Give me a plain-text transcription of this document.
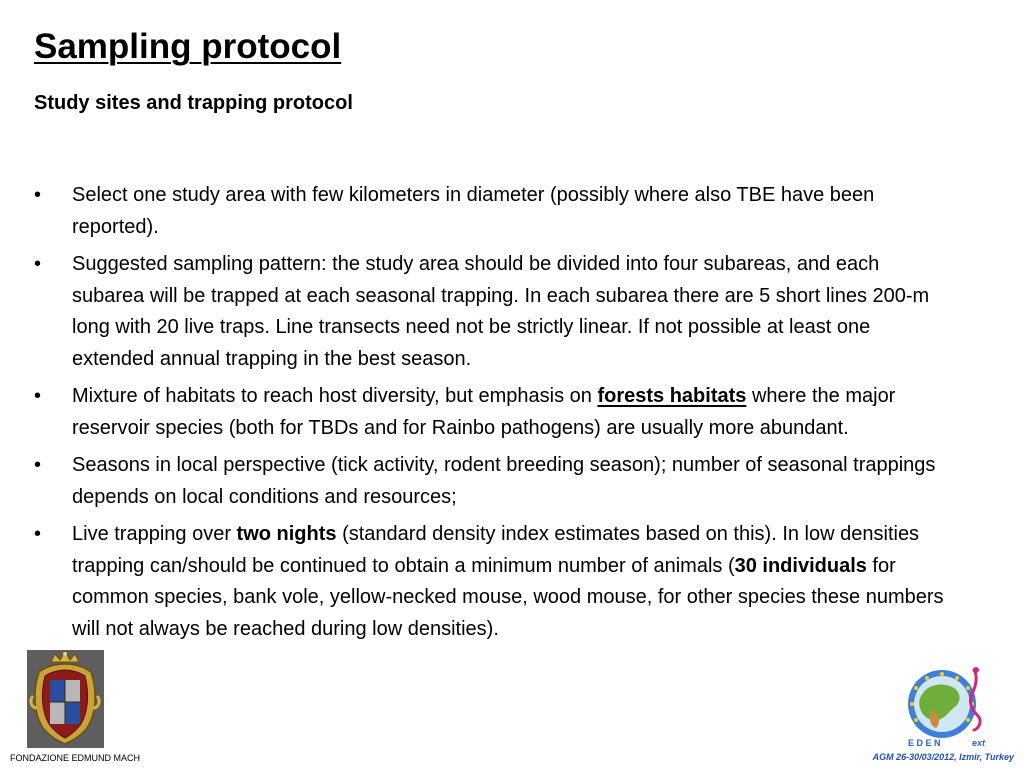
Sampling protocol
Study sites and trapping protocol
• Select one study area with few kilometers in diameter (possibly where also TBE have been reported).
• Suggested sampling pattern: the study area should be divided into four subareas, and each subarea will be trapped at each seasonal trapping. In each subarea there are 5 short lines 200-m long with 20 live traps. Line transects need not be strictly linear. If not possible at least one extended annual trapping in the best season.
• Mixture of habitats to reach host diversity, but emphasis on forests habitats where the major reservoir species (both for TBDs and for Rainbo pathogens) are usually more abundant.
• Seasons in local perspective (tick activity, rodent breeding season); number of seasonal trappings depends on local conditions and resources;
• Live trapping over two nights (standard density index estimates based on this). In low densities trapping can/should be continued to obtain a minimum number of animals (30 individuals for common species, bank vole, yellow-necked mouse, wood mouse, for other species these numbers will not always be reached during low densities).
FONDAZIONE EDMUND MACH	AGM 26-30/03/2012, Izmir, Turkey
E D E N	ext
